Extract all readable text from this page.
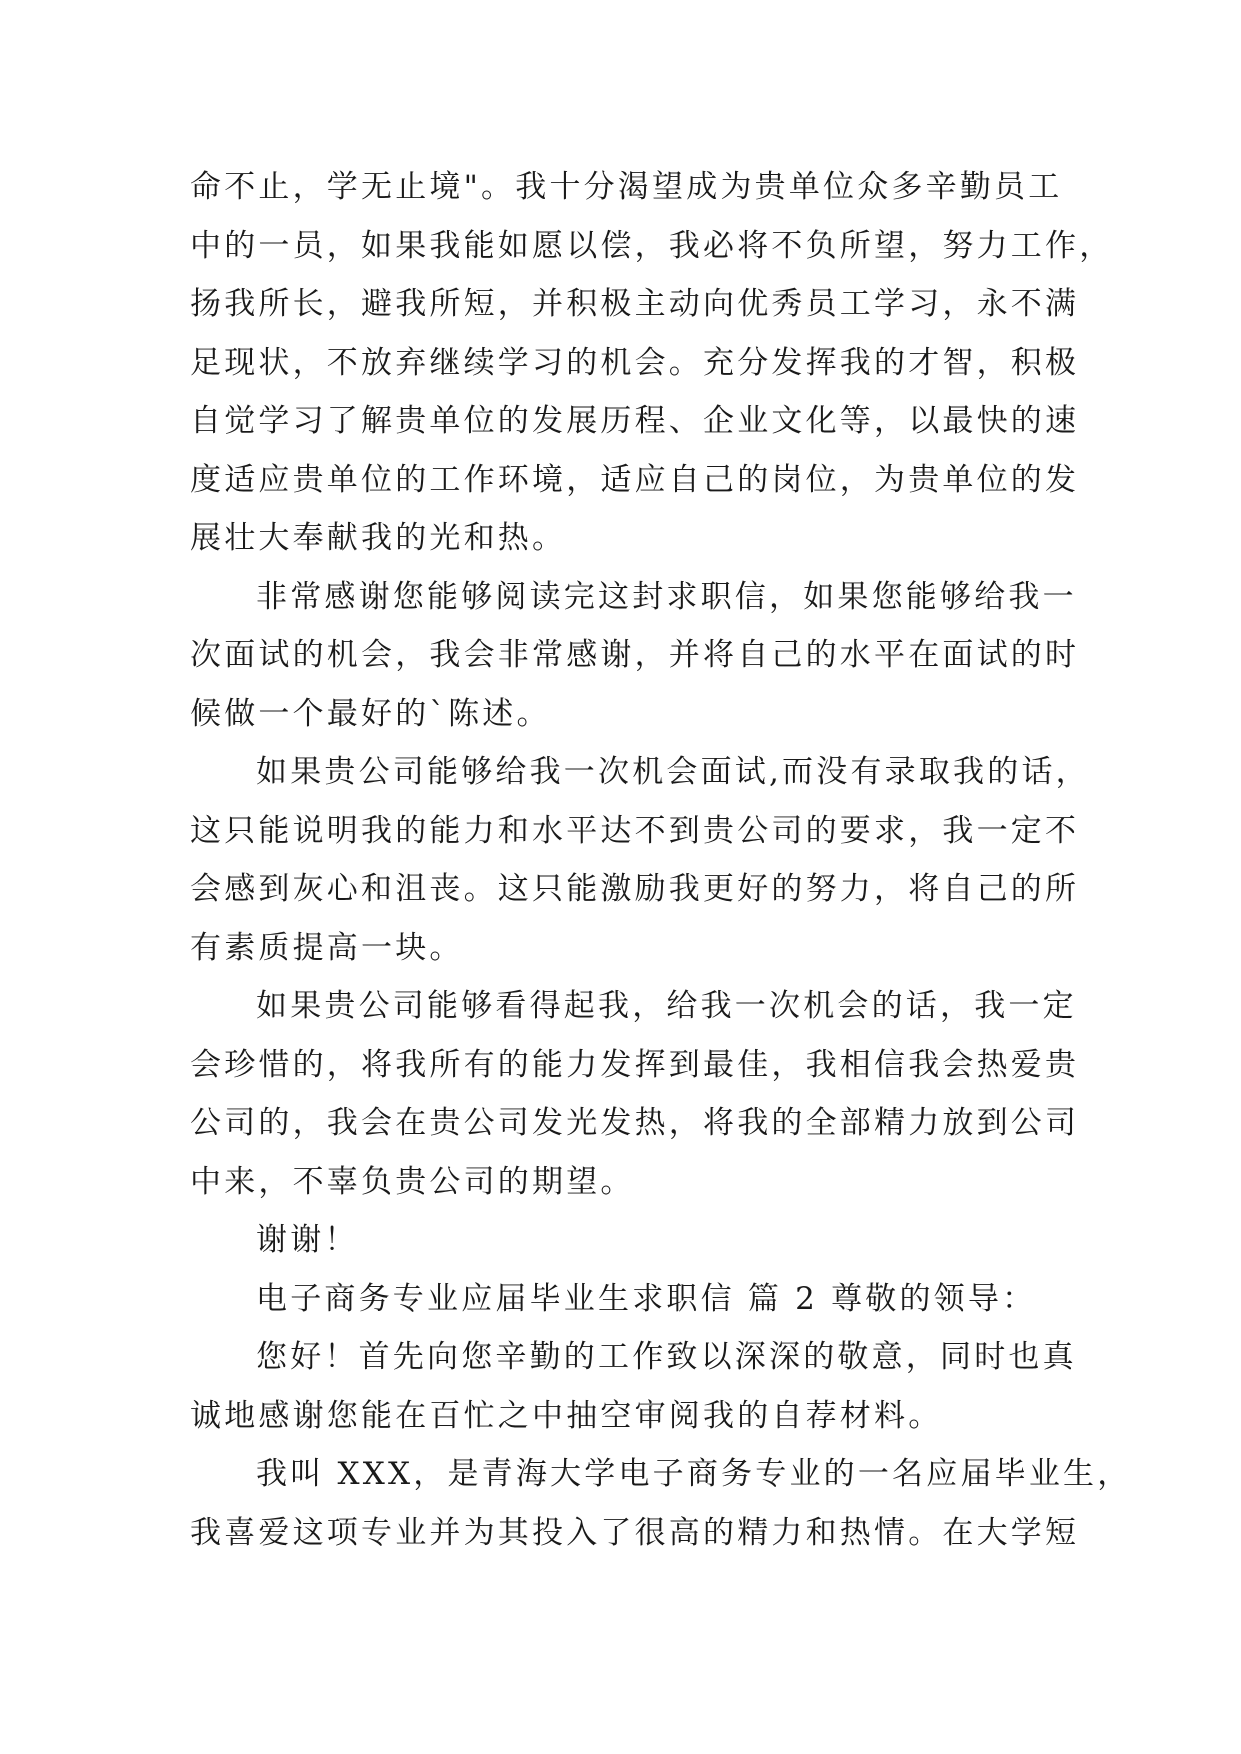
命不止，学无止境"。我十分渴望成为贵单位众多辛勤员工
中的一员，如果我能如愿以偿，我必将不负所望，努力工作，
扬我所长，避我所短，并积极主动向优秀员工学习，永不满
足现状，不放弃继续学习的机会。充分发挥我的才智，积极
自觉学习了解贵单位的发展历程、企业文化等，以最快的速
度适应贵单位的工作环境，适应自己的岗位，为贵单位的发
展壮大奉献我的光和热。
非常感谢您能够阅读完这封求职信，如果您能够给我一
次面试的机会，我会非常感谢，并将自己的水平在面试的时
候做一个最好的`陈述。
如果贵公司能够给我一次机会面试,而没有录取我的话，
这只能说明我的能力和水平达不到贵公司的要求，我一定不
会感到灰心和沮丧。这只能激励我更好的努力，将自己的所
有素质提高一块。
如果贵公司能够看得起我，给我一次机会的话，我一定
会珍惜的，将我所有的能力发挥到最佳，我相信我会热爱贵
公司的，我会在贵公司发光发热，将我的全部精力放到公司
中来，不辜负贵公司的期望。
谢谢！
电子商务专业应届毕业生求职信 篇 2 尊敬的领导：
您好！首先向您辛勤的工作致以深深的敬意，同时也真
诚地感谢您能在百忙之中抽空审阅我的自荐材料。
我叫 XXX，是青海大学电子商务专业的一名应届毕业生，
我喜爱这项专业并为其投入了很高的精力和热情。在大学短
